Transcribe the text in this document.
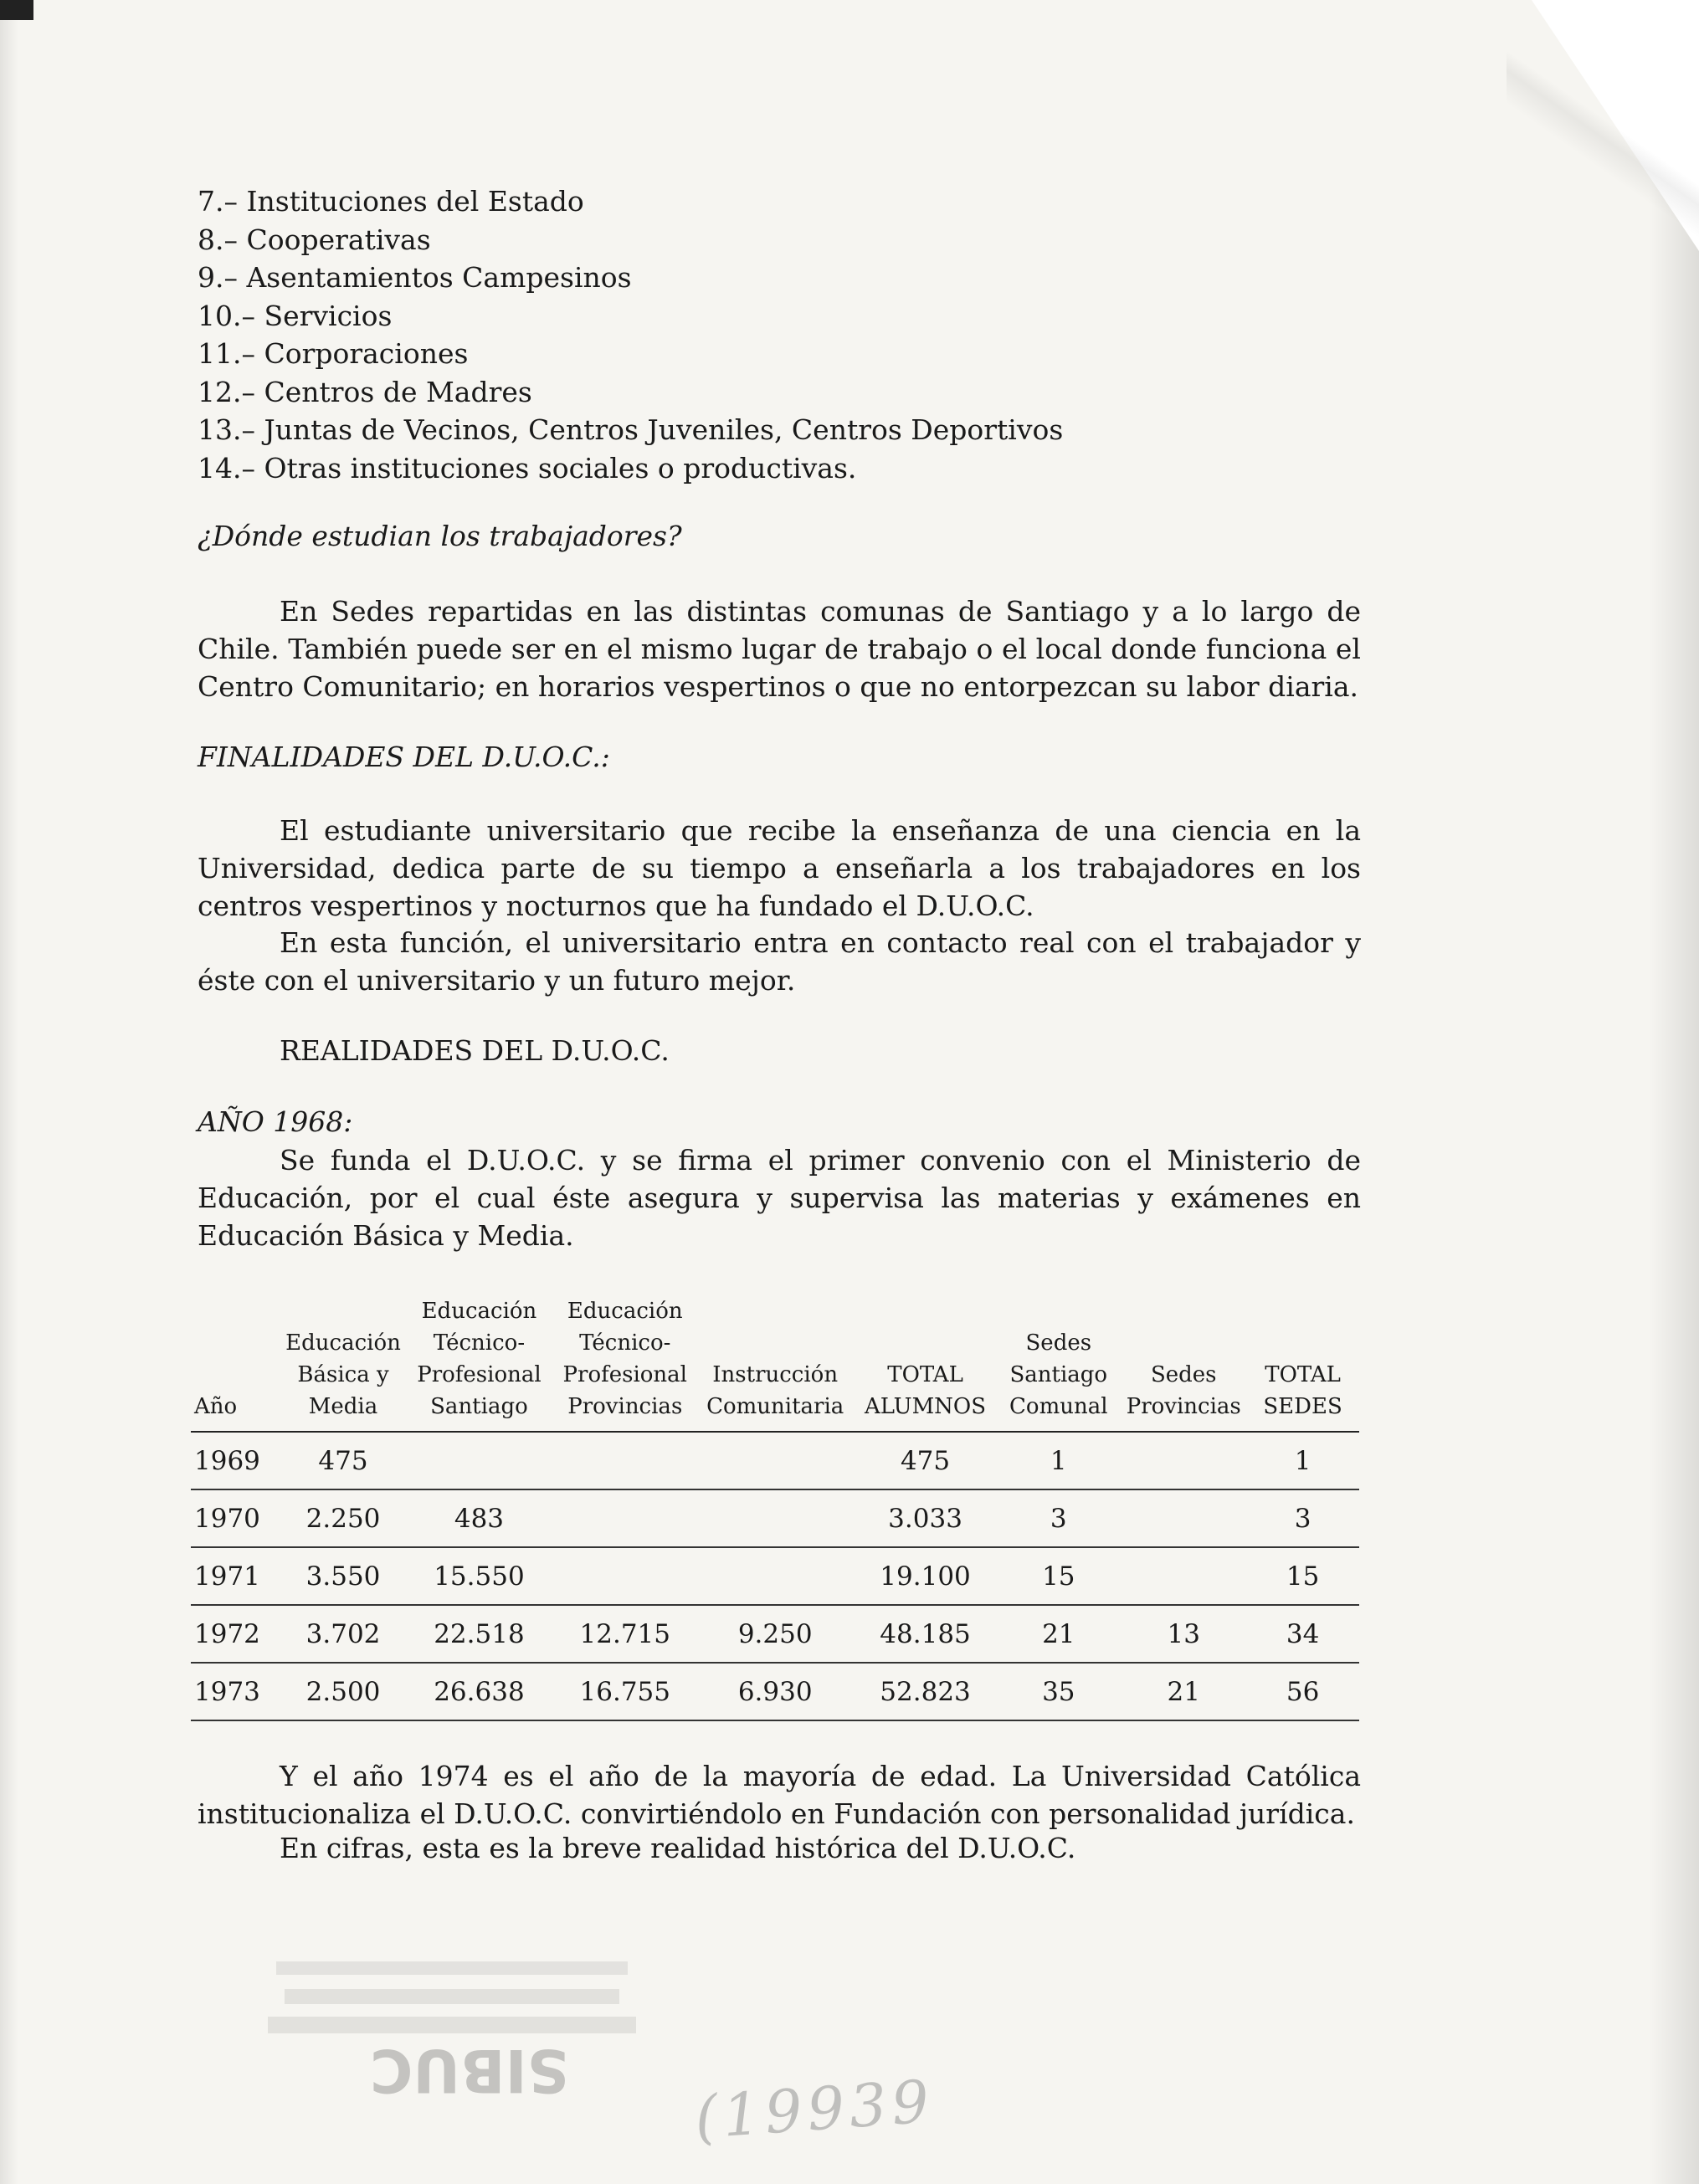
7.– Instituciones del Estado
8.– Cooperativas
9.– Asentamientos Campesinos
10.– Servicios
11.– Corporaciones
12.– Centros de Madres
13.– Juntas de Vecinos, Centros Juveniles, Centros Deportivos
14.– Otras instituciones sociales o productivas.
¿Dónde estudian los trabajadores?
En Sedes repartidas en las distintas comunas de Santiago y a lo largo de Chile. También puede ser en el mismo lugar de trabajo o el local donde funciona el Centro Comunitario; en horarios vespertinos o que no entorpezcan su labor diaria.
FINALIDADES DEL D.U.O.C.:
El estudiante universitario que recibe la enseñanza de una ciencia en la Universidad, dedica parte de su tiempo a enseñarla a los trabajadores en los centros vespertinos y nocturnos que ha fundado el D.U.O.C.
En esta función, el universitario entra en contacto real con el trabajador y éste con el universitario y un futuro mejor.
REALIDADES DEL D.U.O.C.
AÑO 1968:
Se funda el D.U.O.C. y se firma el primer convenio con el Ministerio de Educación, por el cual éste asegura y supervisa las materias y exámenes en Educación Básica y Media.
Año	Educación Básica y Media	Educación Técnico-Profesional Santiago	Educación Técnico-Profesional Provincias	Instrucción Comunitaria	TOTAL ALUMNOS	Sedes Santiago Comunal	Sedes Provincias	TOTAL SEDES
1969	475				475	1		1
1970	2.250	483			3.033	3		3
1971	3.550	15.550			19.100	15		15
1972	3.702	22.518	12.715	9.250	48.185	21	13	34
1973	2.500	26.638	16.755	6.930	52.823	35	21	56
Y el año 1974 es el año de la mayoría de edad. La Universidad Católica institucionaliza el D.U.O.C. convirtiéndolo en Fundación con personalidad jurídica.
En cifras, esta es la breve realidad histórica del D.U.O.C.
SIBUC (19939
